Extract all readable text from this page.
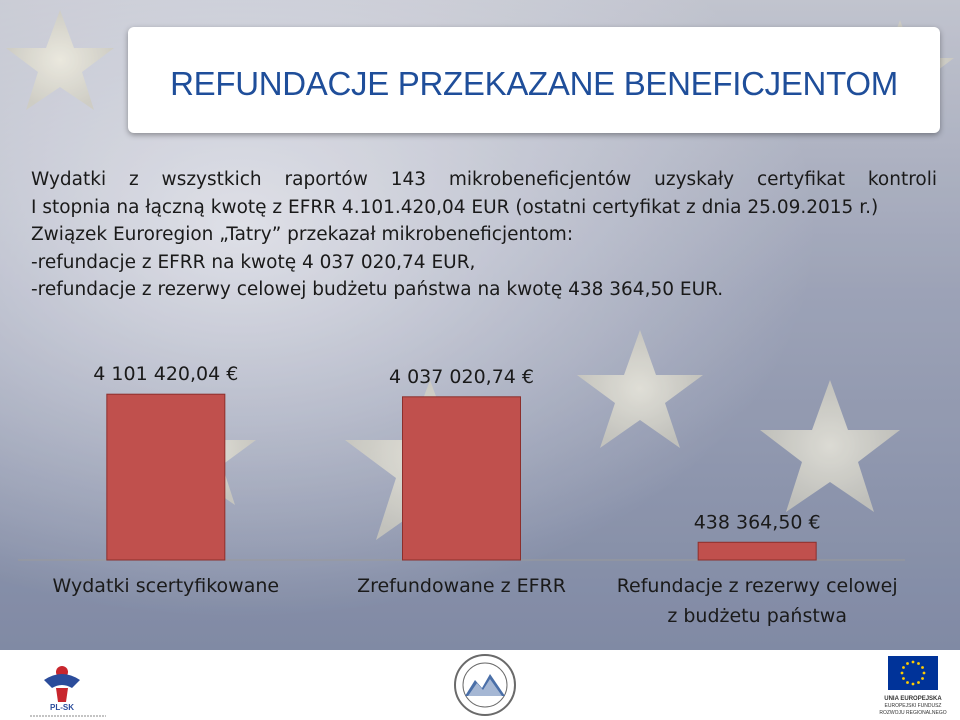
REFUNDACJE PRZEKAZANE BENEFICJENTOM
Wydatki z wszystkich raportów 143 mikrobeneficjentów uzyskały certyfikat kontroli
I stopnia na łączną kwotę z EFRR 4.101.420,04 EUR (ostatni certyfikat z dnia 25.09.2015 r.)
Związek Euroregion „Tatry” przekazał mikrobeneficjentom:
-refundacje z EFRR na kwotę 4 037 020,74 EUR,
-refundacje z rezerwy celowej budżetu państwa na kwotę 438 364,50 EUR.
4 101 420,04 €
Wydatki scertyfikowane
4 037 020,74 €
Zrefundowane z EFRR
438 364,50 €
Refundacje z rezerwy celowej
z budżetu państwa
PL-SK
UNIA EUROPEJSKA
EUROPEJSKI FUNDUSZ
ROZWOJU REGIONALNEGO
